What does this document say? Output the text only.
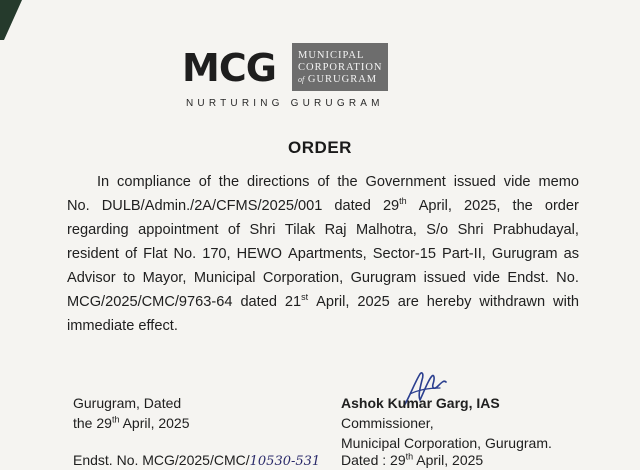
MCG MUNICIPAL
CORPORATION
of GURUGRAM
NURTURING GURUGRAM
ORDER
In compliance of the directions of the Government issued vide memo
No. DULB/Admin./2A/CFMS/2025/001 dated 29th April, 2025, the order
regarding appointment of Shri Tilak Raj Malhotra, S/o Shri Prabhudayal,
resident of Flat No. 170, HEWO Apartments, Sector-15 Part-II, Gurugram as
Advisor to Mayor, Municipal Corporation, Gurugram issued vide Endst. No.
MCG/2025/CMC/9763-64 dated 21st April, 2025 are hereby withdrawn with
immediate effect.
Gurugram, Dated
the 29th April, 2025
Ashok Kumar Garg, IAS
Commissioner,
Municipal Corporation, Gurugram.
Endst. No. MCG/2025/CMC/10530-531 Dated : 29th April, 2025
